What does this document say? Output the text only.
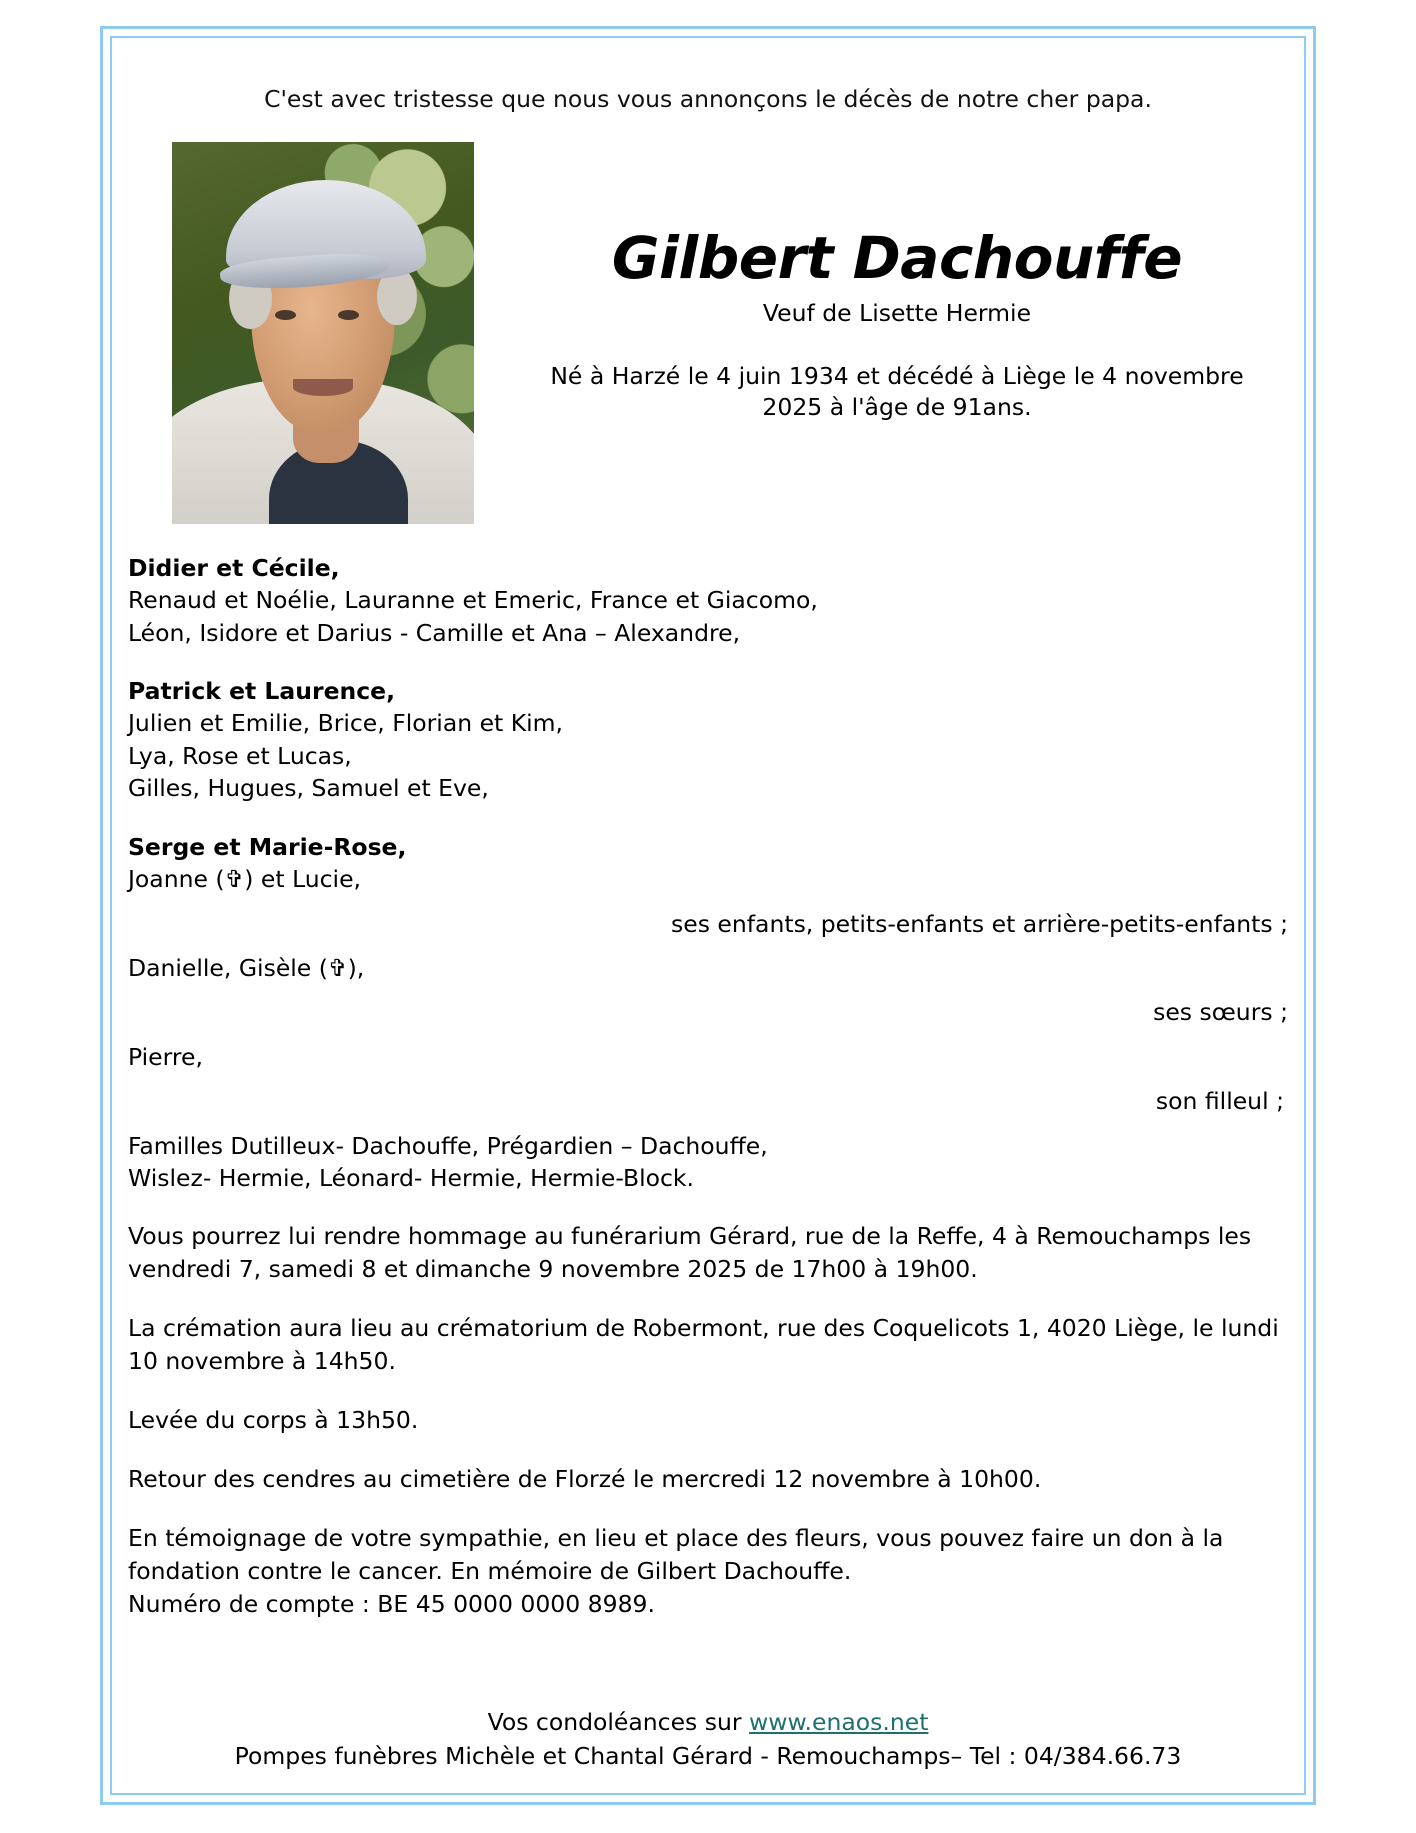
C'est avec tristesse que nous vous annonçons le décès de notre cher papa.
Gilbert Dachouffe
Veuf de Lisette Hermie
Né à Harzé le 4 juin 1934 et décédé à Liège le 4 novembre 2025 à l'âge de 91ans.
Didier et Cécile,
Renaud et Noélie, Lauranne et Emeric, France et Giacomo,
Léon, Isidore et Darius - Camille et Ana – Alexandre,
Patrick et Laurence,
Julien et Emilie, Brice, Florian et Kim,
Lya, Rose et Lucas,
Gilles, Hugues, Samuel et Eve,
Serge et Marie-Rose,
Joanne (✞) et Lucie,
ses enfants, petits-enfants et arrière-petits-enfants ;
Danielle, Gisèle (✞),
ses sœurs ;
Pierre,
son filleul ;
Familles Dutilleux- Dachouffe, Prégardien – Dachouffe,
Wislez- Hermie, Léonard- Hermie, Hermie-Block.
Vous pourrez lui rendre hommage au funérarium Gérard, rue de la Reffe, 4 à Remouchamps les vendredi 7, samedi 8 et dimanche 9 novembre 2025 de 17h00 à 19h00.
La crémation aura lieu au crématorium de Robermont, rue des Coquelicots 1, 4020 Liège, le lundi 10 novembre à 14h50.
Levée du corps à 13h50.
Retour des cendres au cimetière de Florzé le mercredi 12 novembre à 10h00.
En témoignage de votre sympathie, en lieu et place des fleurs, vous pouvez faire un don à la fondation contre le cancer. En mémoire de Gilbert Dachouffe.
Numéro de compte : BE 45 0000 0000 8989.
Vos condoléances sur www.enaos.net
Pompes funèbres Michèle et Chantal Gérard - Remouchamps– Tel : 04/384.66.73
